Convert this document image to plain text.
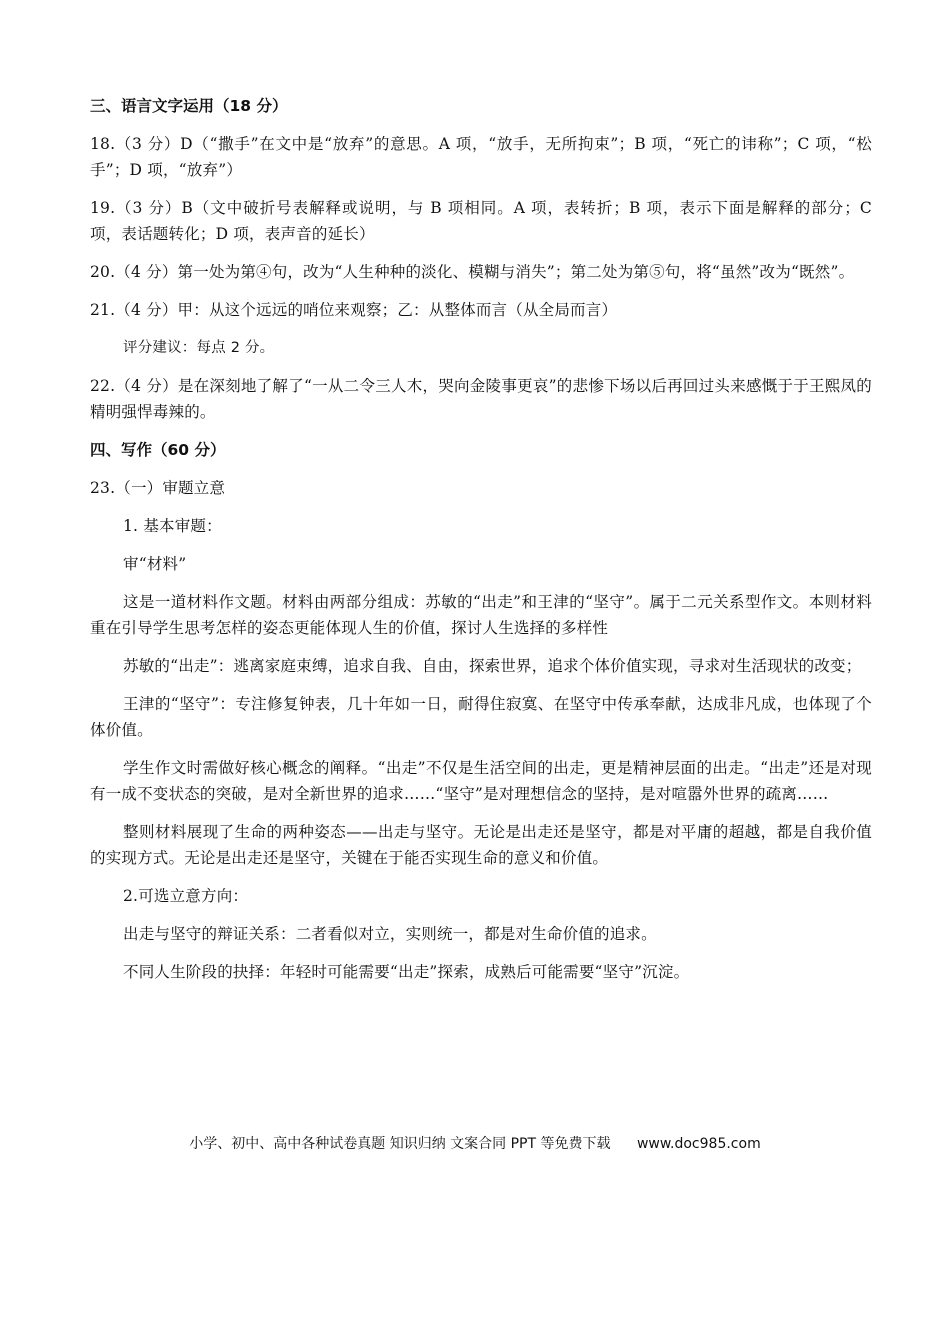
三、语言文字运用（18 分）
18.（3 分）D（“撒手”在文中是“放弃”的意思。A 项，“放手，无所拘束”；B 项，“死亡的讳称”；C 项，“松手”；D 项，“放弃”）
19.（3 分）B（文中破折号表解释或说明，与 B 项相同。A 项，表转折；B 项，表示下面是解释的部分；C 项，表话题转化；D 项，表声音的延长）
20.（4 分）第一处为第④句，改为“人生种种的淡化、模糊与消失”；第二处为第⑤句，将“虽然”改为“既然”。
21.（4 分）甲：从这个远远的哨位来观察；乙：从整体而言（从全局而言）
评分建议：每点 2 分。
22.（4 分）是在深刻地了解了“一从二令三人木，哭向金陵事更哀”的悲惨下场以后再回过头来感慨于于王熙凤的精明强悍毒辣的。
四、写作（60 分）
23.（一）审题立意
1. 基本审题：
审“材料”
这是一道材料作文题。材料由两部分组成：苏敏的“出走”和王津的“坚守”。属于二元关系型作文。本则材料重在引导学生思考怎样的姿态更能体现人生的价值，探讨人生选择的多样性
苏敏的“出走”：逃离家庭束缚，追求自我、自由，探索世界，追求个体价值实现，寻求对生活现状的改变；
王津的“坚守”：专注修复钟表，几十年如一日，耐得住寂寞、在坚守中传承奉献，达成非凡成，也体现了个体价值。
学生作文时需做好核心概念的阐释。“出走”不仅是生活空间的出走，更是精神层面的出走。“出走”还是对现有一成不变状态的突破，是对全新世界的追求……“坚守”是对理想信念的坚持，是对喧嚣外世界的疏离……
整则材料展现了生命的两种姿态——出走与坚守。无论是出走还是坚守，都是对平庸的超越，都是自我价值的实现方式。无论是出走还是坚守，关键在于能否实现生命的意义和价值。
2.可选立意方向：
出走与坚守的辩证关系：二者看似对立，实则统一，都是对生命价值的追求。
不同人生阶段的抉择：年轻时可能需要“出走”探索，成熟后可能需要“坚守”沉淀。
小学、初中、高中各种试卷真题 知识归纳 文案合同 PPT 等免费下载 www.doc985.com
